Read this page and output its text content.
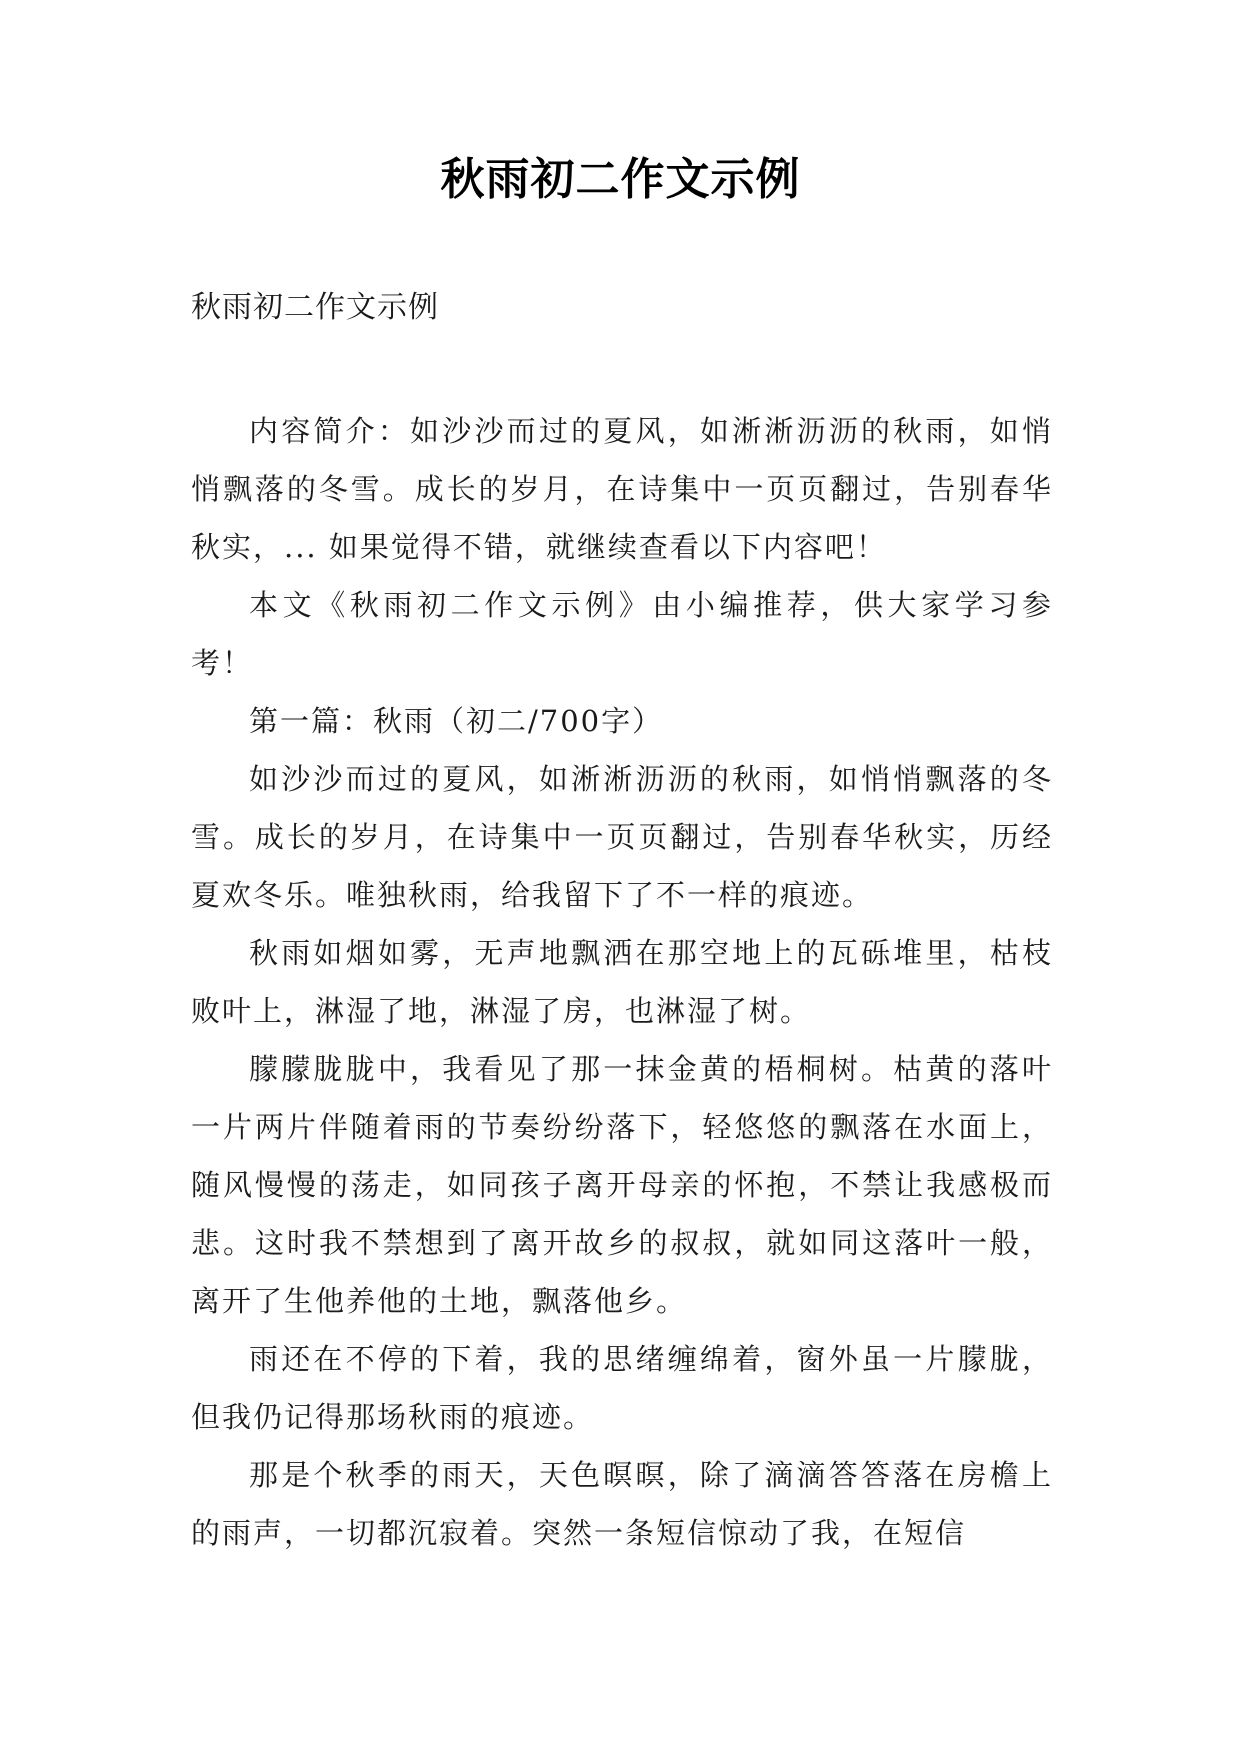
秋雨初二作文示例
秋雨初二作文示例

内容简介：如沙沙而过的夏风，如淅淅沥沥的秋雨，如悄悄飘落的冬雪。成长的岁月，在诗集中一页页翻过，告别春华秋实，... 如果觉得不错，就继续查看以下内容吧！

本文《秋雨初二作文示例》由小编推荐，供大家学习参考！

第一篇：秋雨（初二/700字）

如沙沙而过的夏风，如淅淅沥沥的秋雨，如悄悄飘落的冬雪。成长的岁月，在诗集中一页页翻过，告别春华秋实，历经夏欢冬乐。唯独秋雨，给我留下了不一样的痕迹。

秋雨如烟如雾，无声地飘洒在那空地上的瓦砾堆里，枯枝败叶上，淋湿了地，淋湿了房，也淋湿了树。

朦朦胧胧中，我看见了那一抹金黄的梧桐树。枯黄的落叶一片两片伴随着雨的节奏纷纷落下，轻悠悠的飘落在水面上，随风慢慢的荡走，如同孩子离开母亲的怀抱，不禁让我感极而悲。这时我不禁想到了离开故乡的叔叔，就如同这落叶一般，离开了生他养他的土地，飘落他乡。

雨还在不停的下着，我的思绪缠绵着，窗外虽一片朦胧，但我仍记得那场秋雨的痕迹。

那是个秋季的雨天，天色暝暝，除了滴滴答答落在房檐上的雨声，一切都沉寂着。突然一条短信惊动了我，在短信
